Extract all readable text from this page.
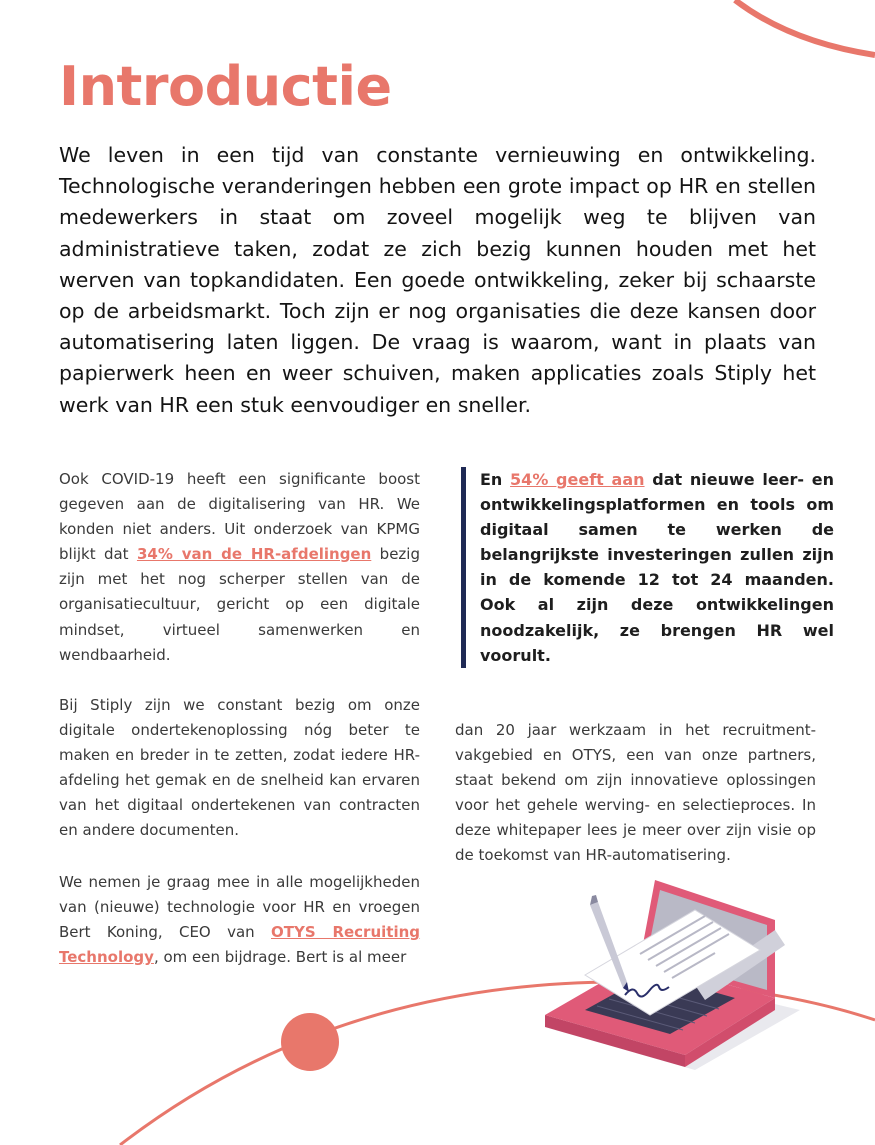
Introductie

We leven in een tijd van constante vernieuwing en ontwikkeling. Technologische veranderingen hebben een grote impact op HR en stellen medewerkers in staat om zoveel mogelijk weg te blijven van administratieve taken, zodat ze zich bezig kunnen houden met het werven van topkandidaten. Een goede ontwikkeling, zeker bij schaarste op de arbeidsmarkt. Toch zijn er nog organisaties die deze kansen door automatisering laten liggen. De vraag is waarom, want in plaats van papierwerk heen en weer schuiven, maken applicaties zoals Stiply het werk van HR een stuk eenvoudiger en sneller.

Ook COVID-19 heeft een significante boost gegeven aan de digitalisering van HR. We konden niet anders. Uit onderzoek van KPMG blijkt dat 34% van de HR-afdelingen bezig zijn met het nog scherper stellen van de organisatiecultuur, gericht op een digitale mindset, virtueel samenwerken en wendbaarheid.

Bij Stiply zijn we constant bezig om onze digitale ondertekenoplossing nóg beter te maken en breder in te zetten, zodat iedere HR-afdeling het gemak en de snelheid kan ervaren van het digitaal ondertekenen van contracten en andere documenten.

We nemen je graag mee in alle mogelijkheden van (nieuwe) technologie voor HR en vroegen Bert Koning, CEO van OTYS Recruiting Technology, om een bijdrage. Bert is al meer

En 54% geeft aan dat nieuwe leer- en ontwikkelingsplatformen en tools om digitaal samen te werken de belangrijkste investeringen zullen zijn in de komende 12 tot 24 maanden. Ook al zijn deze ontwikkelingen noodzakelijk, ze brengen HR wel voorult.

dan 20 jaar werkzaam in het recruitment-vakgebied en OTYS, een van onze partners, staat bekend om zijn innovatieve oplossingen voor het gehele werving- en selectieproces. In deze whitepaper lees je meer over zijn visie op de toekomst van HR-automatisering.
